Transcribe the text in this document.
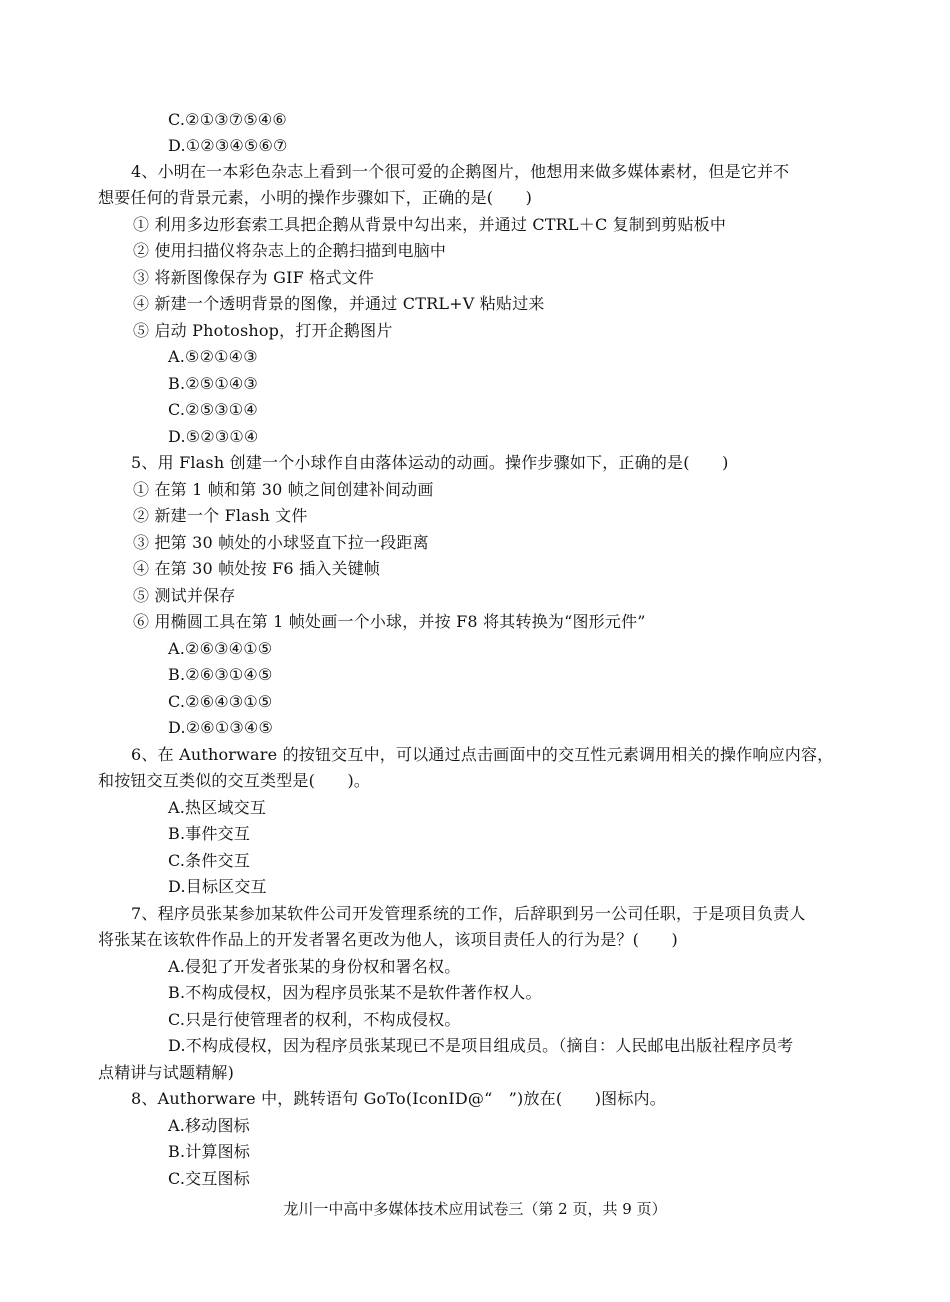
C.②①③⑦⑤④⑥
D.①②③④⑤⑥⑦
4、小明在一本彩色杂志上看到一个很可爱的企鹅图片，他想用来做多媒体素材，但是它并不
想要任何的背景元素，小明的操作步骤如下，正确的是(　　)
① 利用多边形套索工具把企鹅从背景中勾出来，并通过 CTRL＋C 复制到剪贴板中
② 使用扫描仪将杂志上的企鹅扫描到电脑中
③ 将新图像保存为 GIF 格式文件
④ 新建一个透明背景的图像，并通过 CTRL+V 粘贴过来
⑤ 启动 Photoshop，打开企鹅图片
A.⑤②①④③
B.②⑤①④③
C.②⑤③①④
D.⑤②③①④
5、用 Flash 创建一个小球作自由落体运动的动画。操作步骤如下，正确的是(　　)
① 在第 1 帧和第 30 帧之间创建补间动画
② 新建一个 Flash 文件
③ 把第 30 帧处的小球竖直下拉一段距离
④ 在第 30 帧处按 F6 插入关键帧
⑤ 测试并保存
⑥ 用椭圆工具在第 1 帧处画一个小球，并按 F8 将其转换为“图形元件”
A.②⑥③④①⑤
B.②⑥③①④⑤
C.②⑥④③①⑤
D.②⑥①③④⑤
6、在 Authorware 的按钮交互中，可以通过点击画面中的交互性元素调用相关的操作响应内容，
和按钮交互类似的交互类型是(　　)。
A.热区域交互
B.事件交互
C.条件交互
D.目标区交互
7、程序员张某参加某软件公司开发管理系统的工作，后辞职到另一公司任职，于是项目负责人
将张某在该软件作品上的开发者署名更改为他人，该项目责任人的行为是？(　　)
A.侵犯了开发者张某的身份权和署名权。
B.不构成侵权，因为程序员张某不是软件著作权人。
C.只是行使管理者的权利，不构成侵权。
D.不构成侵权，因为程序员张某现已不是项目组成员。（摘自：人民邮电出版社程序员考
点精讲与试题精解)
8、Authorware 中，跳转语句 GoTo(IconID@“　”)放在(　　)图标内。
A.移动图标
B.计算图标
C.交互图标
龙川一中高中多媒体技术应用试卷三（第 2 页，共 9 页）
